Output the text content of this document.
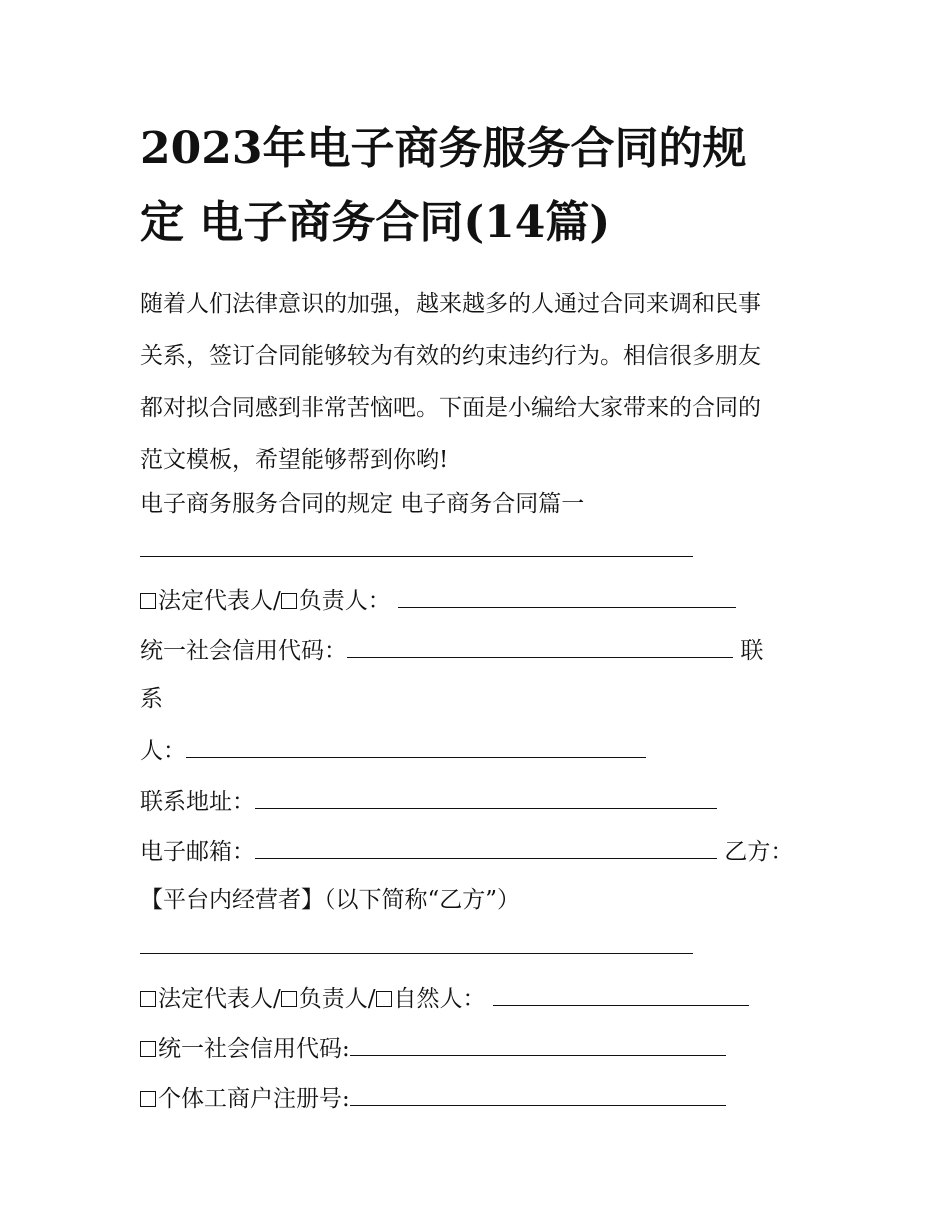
2023年电子商务服务合同的规
定 电子商务合同(14篇)
随着人们法律意识的加强，越来越多的人通过合同来调和民事
关系，签订合同能够较为有效的约束违约行为。相信很多朋友
都对拟合同感到非常苦恼吧。下面是小编给大家带来的合同的
范文模板，希望能够帮到你哟!
电子商务服务合同的规定 电子商务合同篇一
法定代表人/ 负责人：
统一社会信用代码：	联
系
人：
联系地址：
电子邮箱：	乙方：
【平台内经营者】（以下简称“乙方”）
法定代表人/ 负责人/ 自然人：
统一社会信用代码:
个体工商户注册号:
